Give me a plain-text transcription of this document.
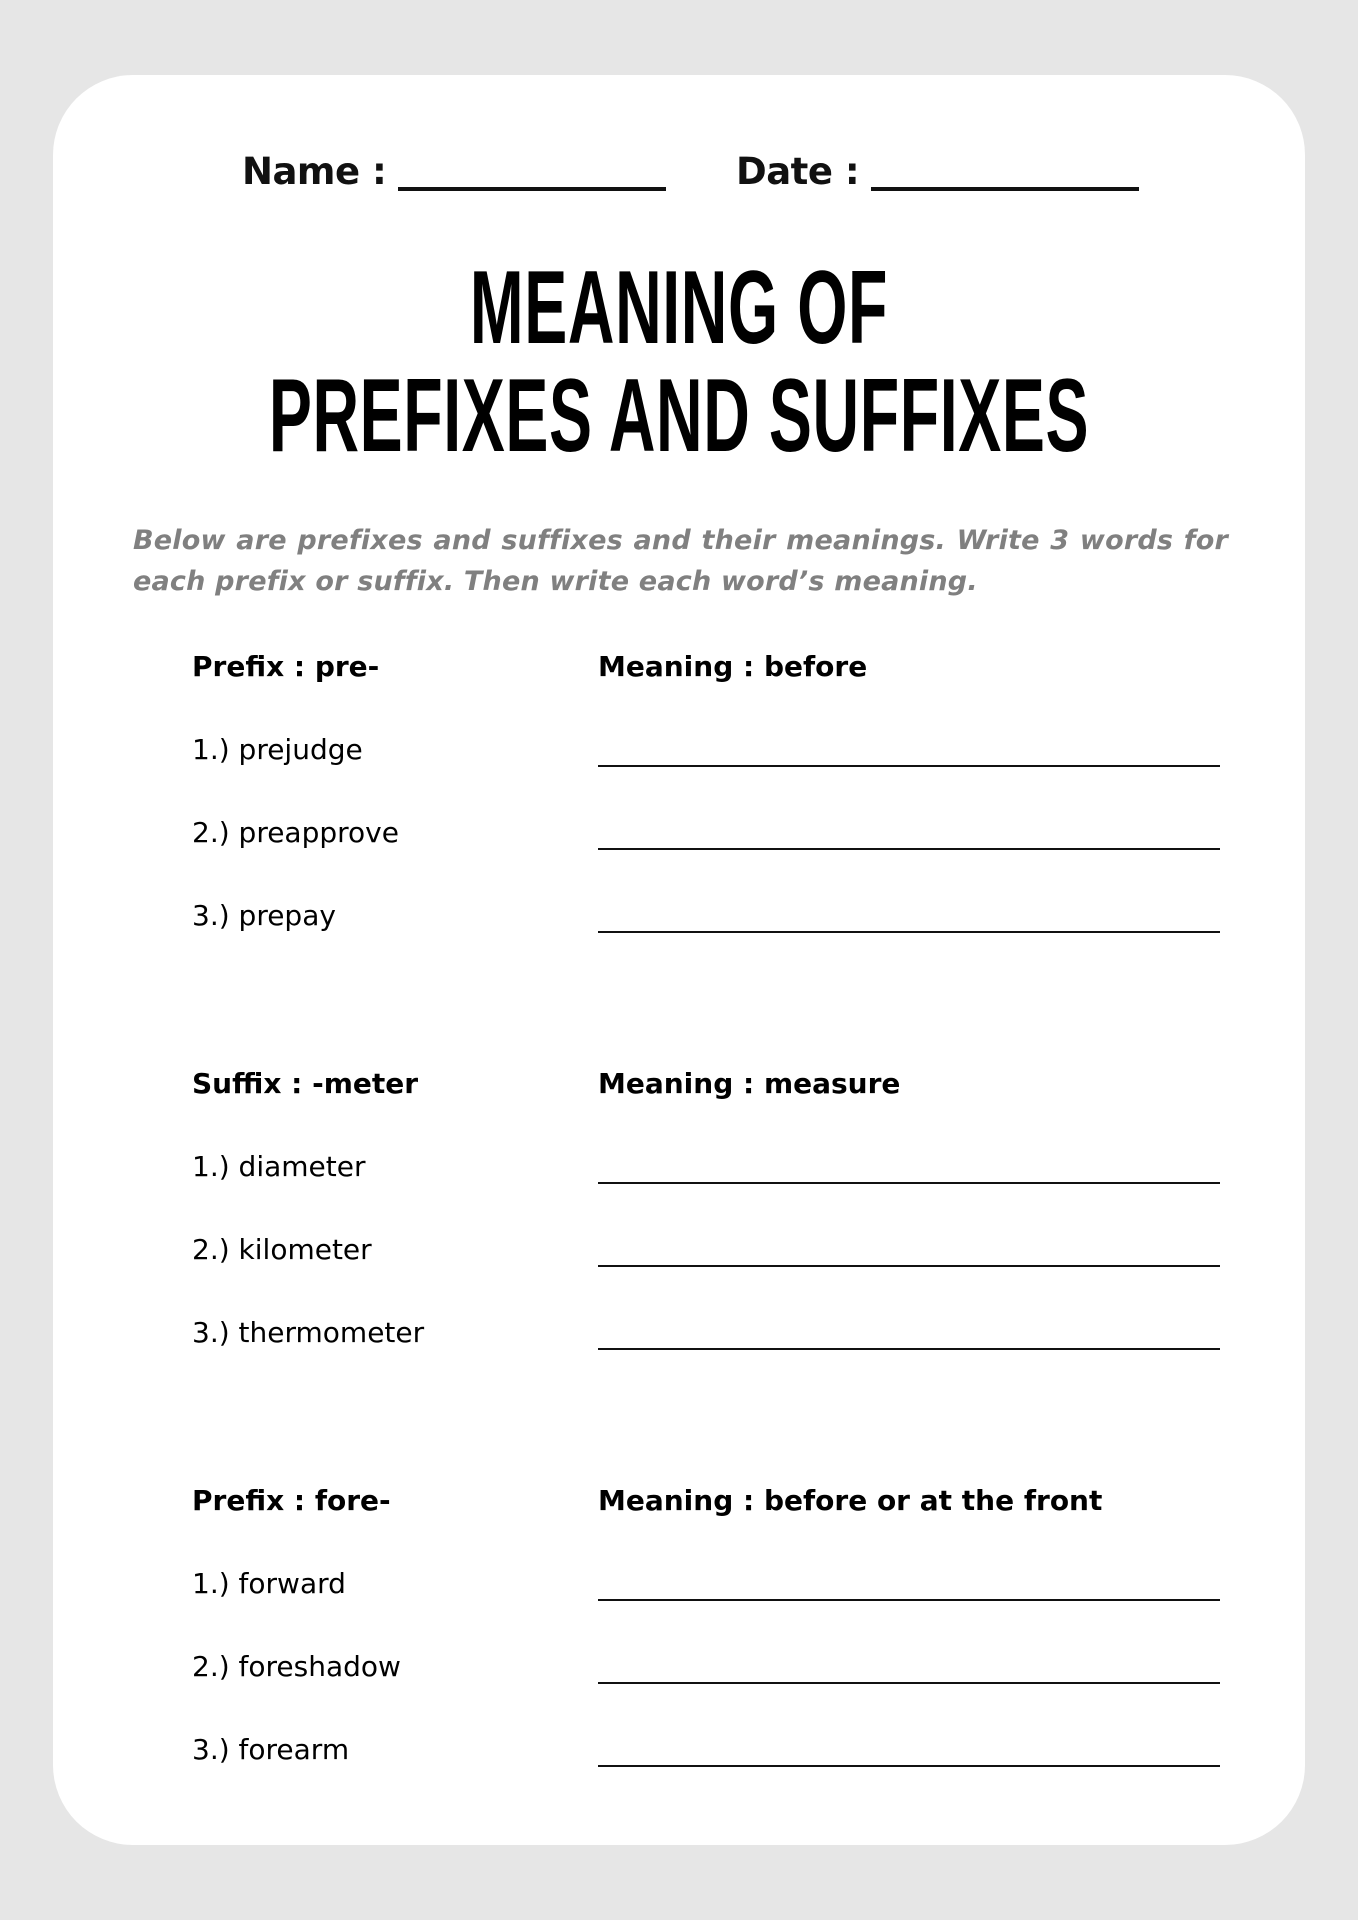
Name :	Date :
MEANING OF
PREFIXES AND SUFFIXES

Below are prefixes and suffixes and their meanings. Write 3 words for each prefix or suffix. Then write each word’s meaning.

Prefix : pre-	Meaning : before
1.) prejudge
2.) preapprove
3.) prepay
Suffix : -meter	Meaning : measure
1.) diameter
2.) kilometer
3.) thermometer
Prefix : fore-	Meaning : before or at the front
1.) forward
2.) foreshadow
3.) forearm
